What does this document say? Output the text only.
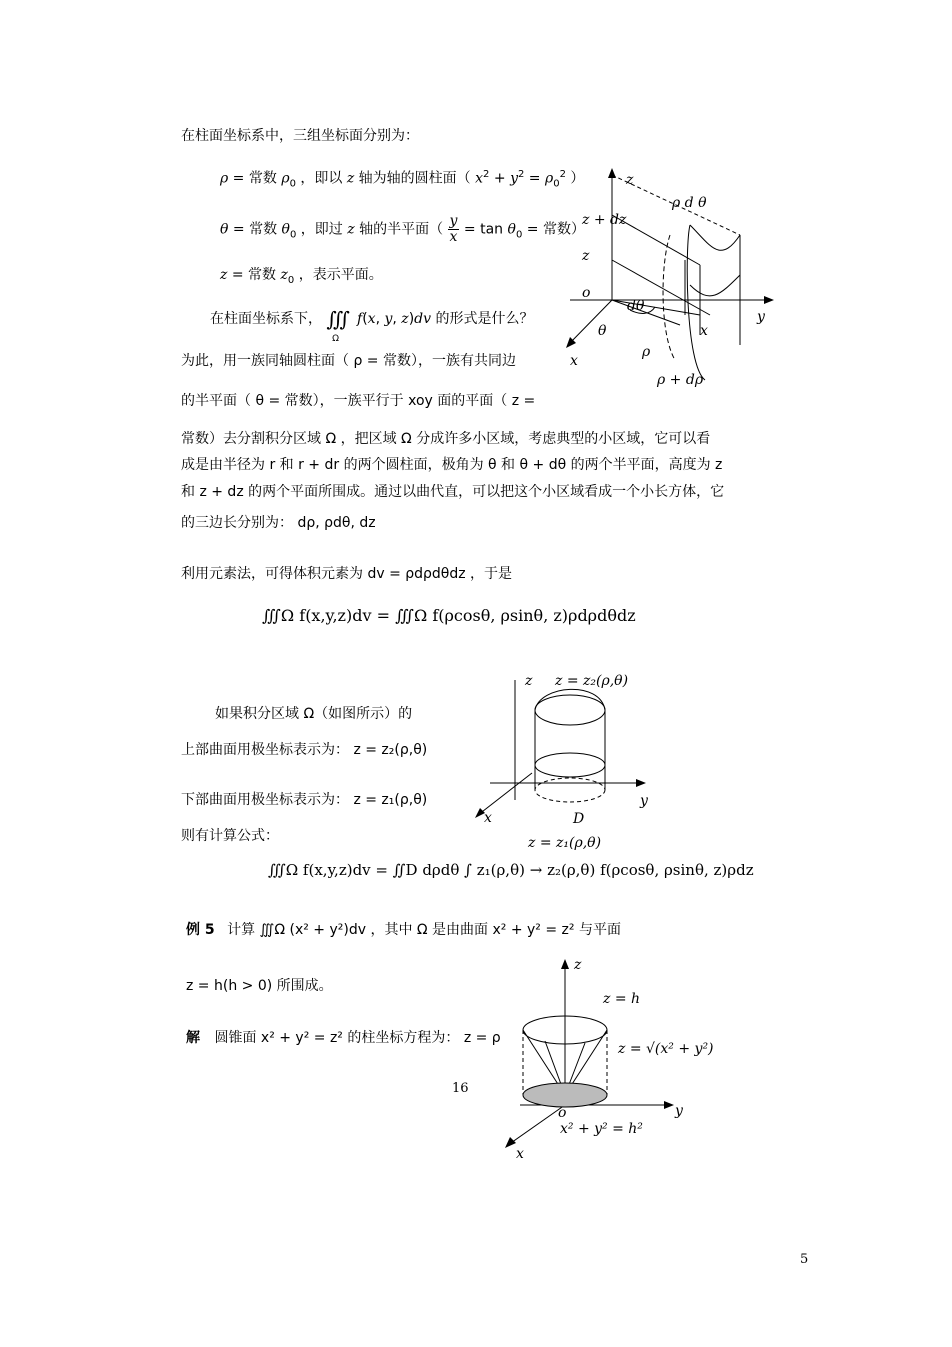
在柱面坐标系中，三组坐标面分别为：
ρ = 常数 $\rho_0$ ，即以 z 轴为轴的圆柱面（ $x^2 + y^2 = \rho_0^2$ ）
θ = 常数 $\theta_0$ ，即过 z 轴的半平面（ $\frac{y}{x} = \tan \theta_0$ = 常数）
z = 常数 $z_0$ ，表示平面。
在柱面坐标系下， $∭_\Omega f(x$, y, z)dv 的形式是什么？
为此，用一族同轴圆柱面（ ρ = 常数），一族有共同边
的半平面（ θ = 常数），一族平行于 xoy 面的平面（ z =
常数）去分割积分区域 Ω ，把区域 Ω 分成许多小区域，考虑典型的小区域，它可以看
成是由半径为 r 和 r + dr 的两个圆柱面，极角为 θ 和 θ + dθ 的两个半平面，高度为 z
和 z + dz 的两个平面所围成。通过以曲代直，可以把这个小区域看成一个小长方体，它
的三边长分别为： dρ, ρdθ, dz
利用元素法，可得体积元素为 dv = ρdρdθdz ，于是
∭Ω f(x,y,z)dv = ∭Ω f(ρcosθ, ρsinθ, z)ρdρdθdz
如果积分区域 Ω（如图所示）的
上部曲面用极坐标表示为： z = z₂(ρ,θ)
下部曲面用极坐标表示为： z = z₁(ρ,θ)
则有计算公式：
∭Ω f(x,y,z)dv = ∬D dρdθ ∫ z₁(ρ,θ) → z₂(ρ,θ) f(ρcosθ, ρsinθ, z)ρdz
例 5 计算 ∭Ω (x² + y²)dv ，其中 Ω 是由曲面 x² + y² = z² 与平面
z = h(h > 0) 所围成。
解 圆锥面 x² + y² = z² 的柱坐标方程为： z = ρ
16
5
z
ρ d θ
z + dz
z
o
dθ
y
θ
x
ρ
x
ρ + dρ
z z = z₂(ρ,θ)
y
x	D
z = z₁(ρ,θ)
z
z = h
z = √(x² + y²)
o	y
x² + y² = h²
x
